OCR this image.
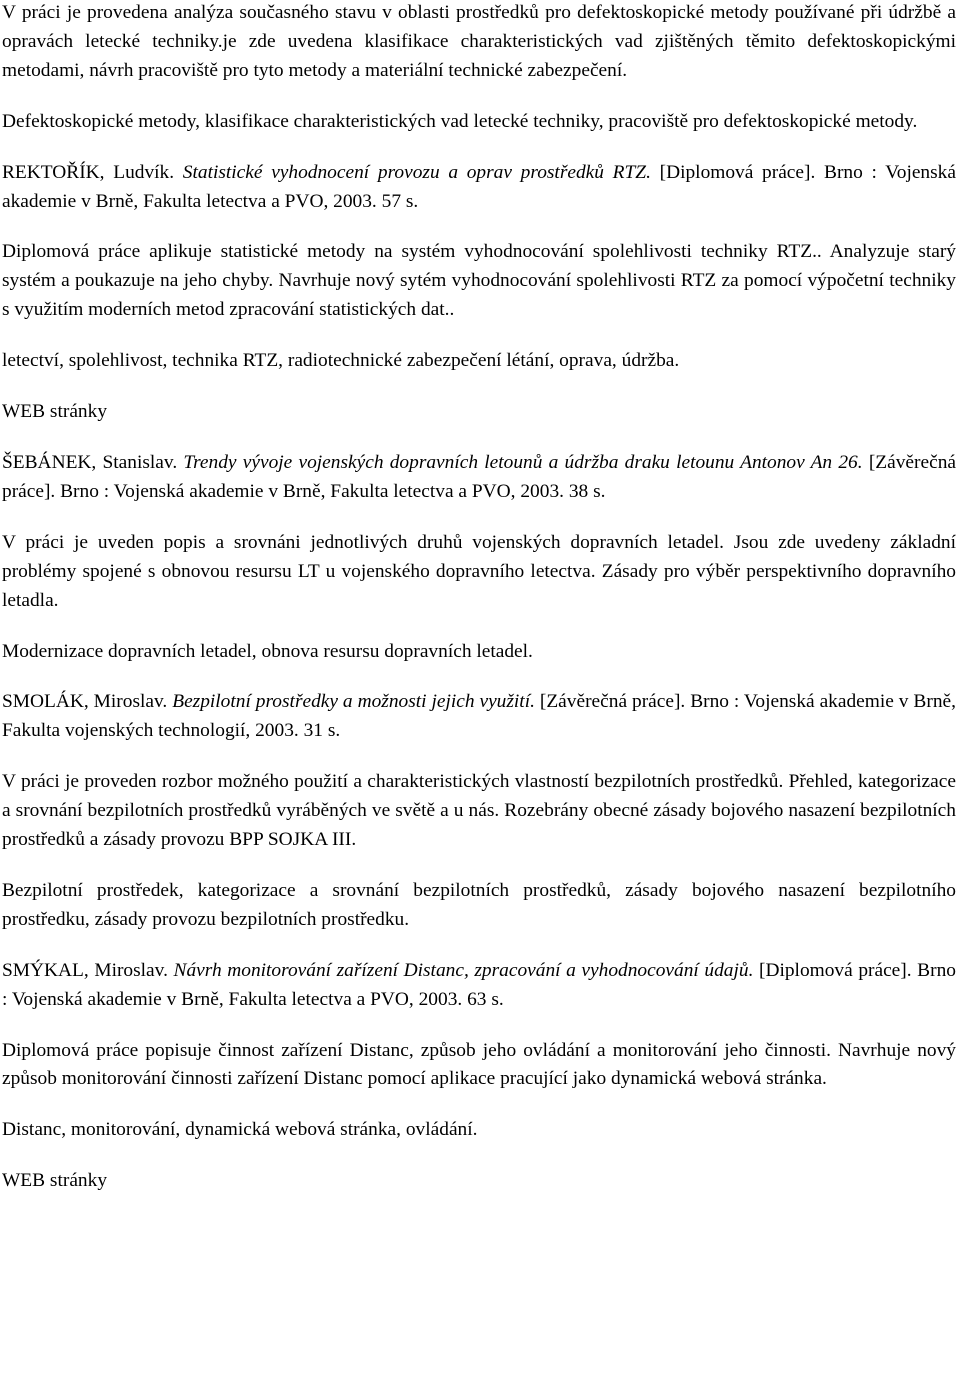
V práci je provedena analýza současného stavu v oblasti prostředků pro defektoskopické metody používané při údržbě a opravách letecké techniky.je zde uvedena klasifikace charakteristických vad zjištěných těmito defektoskopickými metodami, návrh pracoviště pro tyto metody a materiální technické zabezpečení.

Defektoskopické metody, klasifikace charakteristických vad letecké techniky, pracoviště pro defektoskopické metody.

REKTOŘÍK, Ludvík. Statistické vyhodnocení provozu a oprav prostředků RTZ. [Diplomová práce]. Brno : Vojenská akademie v Brně, Fakulta letectva a PVO, 2003. 57 s.

Diplomová práce aplikuje statistické metody na systém vyhodnocování spolehlivosti techniky RTZ.. Analyzuje starý systém a poukazuje na jeho chyby. Navrhuje nový sytém vyhodnocování spolehlivosti RTZ za pomocí výpočetní techniky s využitím moderních metod zpracování statistických dat..

letectví, spolehlivost, technika RTZ, radiotechnické zabezpečení létání, oprava, údržba.

WEB stránky

ŠEBÁNEK, Stanislav. Trendy vývoje vojenských dopravních letounů a údržba draku letounu Antonov An 26. [Závěrečná práce]. Brno : Vojenská akademie v Brně, Fakulta letectva a PVO, 2003. 38 s.

V práci je uveden popis a srovnáni jednotlivých druhů vojenských dopravních letadel. Jsou zde uvedeny základní problémy spojené s obnovou resursu LT u vojenského dopravního letectva. Zásady pro výběr perspektivního dopravního letadla.

Modernizace dopravních letadel, obnova resursu dopravních letadel.

SMOLÁK, Miroslav. Bezpilotní prostředky a možnosti jejich využití. [Závěrečná práce]. Brno : Vojenská akademie v Brně, Fakulta vojenských technologií, 2003. 31 s.

V práci je proveden rozbor možného použití a charakteristických vlastností bezpilotních prostředků. Přehled, kategorizace a srovnání bezpilotních prostředků vyráběných ve světě a u nás. Rozebrány obecné zásady bojového nasazení bezpilotních prostředků a zásady provozu BPP SOJKA III.

Bezpilotní prostředek, kategorizace a srovnání bezpilotních prostředků, zásady bojového nasazení bezpilotního prostředku, zásady provozu bezpilotních prostředku.

SMÝKAL, Miroslav. Návrh monitorování zařízení Distanc, zpracování a vyhodnocování údajů. [Diplomová práce]. Brno : Vojenská akademie v Brně, Fakulta letectva a PVO, 2003. 63 s.

Diplomová práce popisuje činnost zařízení Distanc, způsob jeho ovládání a monitorování jeho činnosti. Navrhuje nový způsob monitorování činnosti zařízení Distanc pomocí aplikace pracující jako dynamická webová stránka.

Distanc, monitorování, dynamická webová stránka, ovládání.

WEB stránky
